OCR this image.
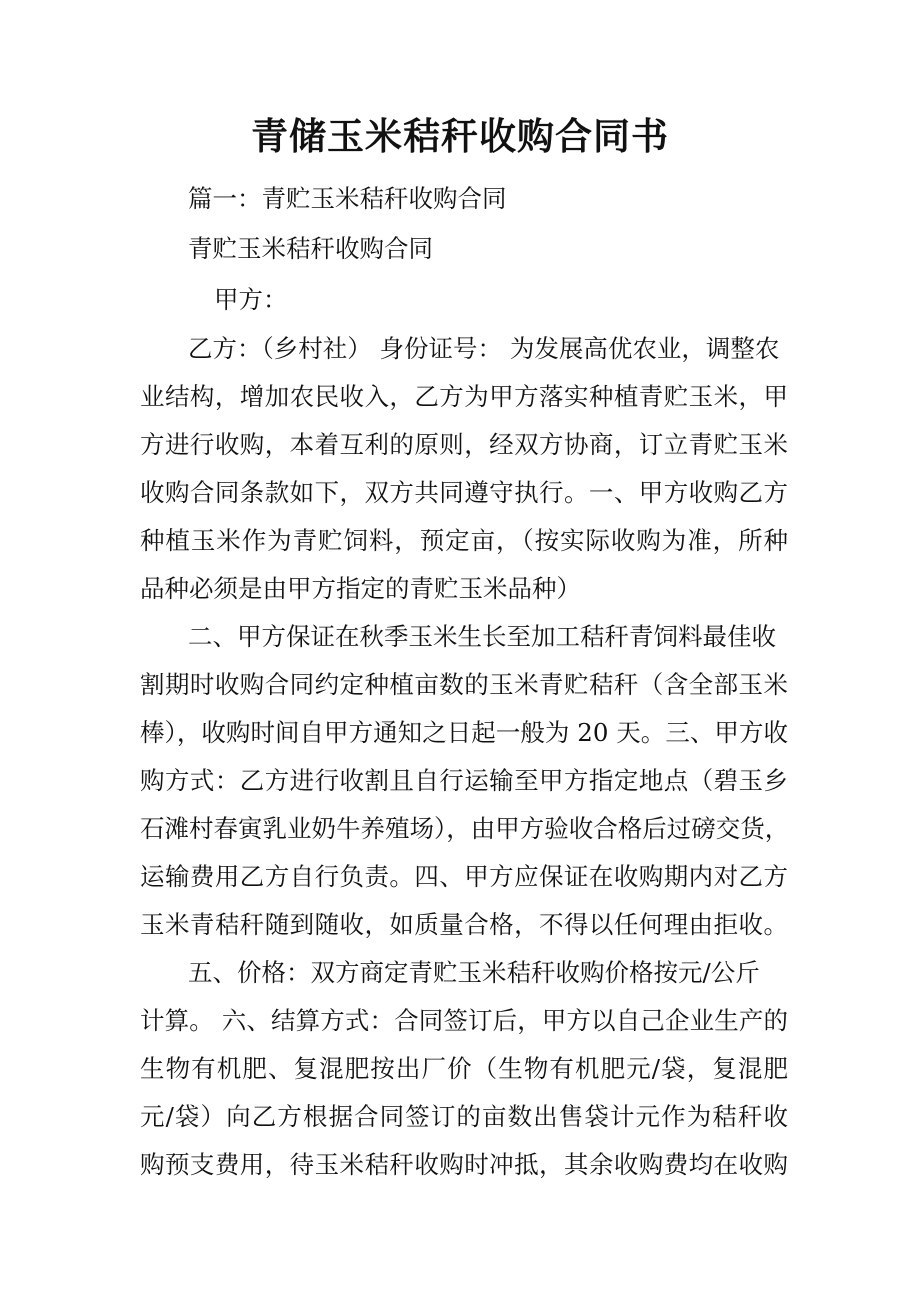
青储玉米秸秆收购合同书
篇一：青贮玉米秸秆收购合同
青贮玉米秸秆收购合同
甲方：
乙方：（乡村社） 身份证号： 为发展高优农业，调整农
业结构，增加农民收入，乙方为甲方落实种植青贮玉米，甲
方进行收购，本着互利的原则，经双方协商，订立青贮玉米
收购合同条款如下，双方共同遵守执行。一、甲方收购乙方
种植玉米作为青贮饲料，预定亩，（按实际收购为准，所种
品种必须是由甲方指定的青贮玉米品种）
二、甲方保证在秋季玉米生长至加工秸秆青饲料最佳收
割期时收购合同约定种植亩数的玉米青贮秸秆（含全部玉米
棒），收购时间自甲方通知之日起一般为 20 天。三、甲方收
购方式：乙方进行收割且自行运输至甲方指定地点（碧玉乡
石滩村春寅乳业奶牛养殖场），由甲方验收合格后过磅交货，
运输费用乙方自行负责。四、甲方应保证在收购期内对乙方
玉米青秸秆随到随收，如质量合格，不得以任何理由拒收。
五、价格：双方商定青贮玉米秸秆收购价格按元/公斤
计算。 六、结算方式：合同签订后，甲方以自己企业生产的
生物有机肥、复混肥按出厂价（生物有机肥元/袋，复混肥
元/袋）向乙方根据合同签订的亩数出售袋计元作为秸秆收
购预支费用，待玉米秸秆收购时冲抵，其余收购费均在收购
